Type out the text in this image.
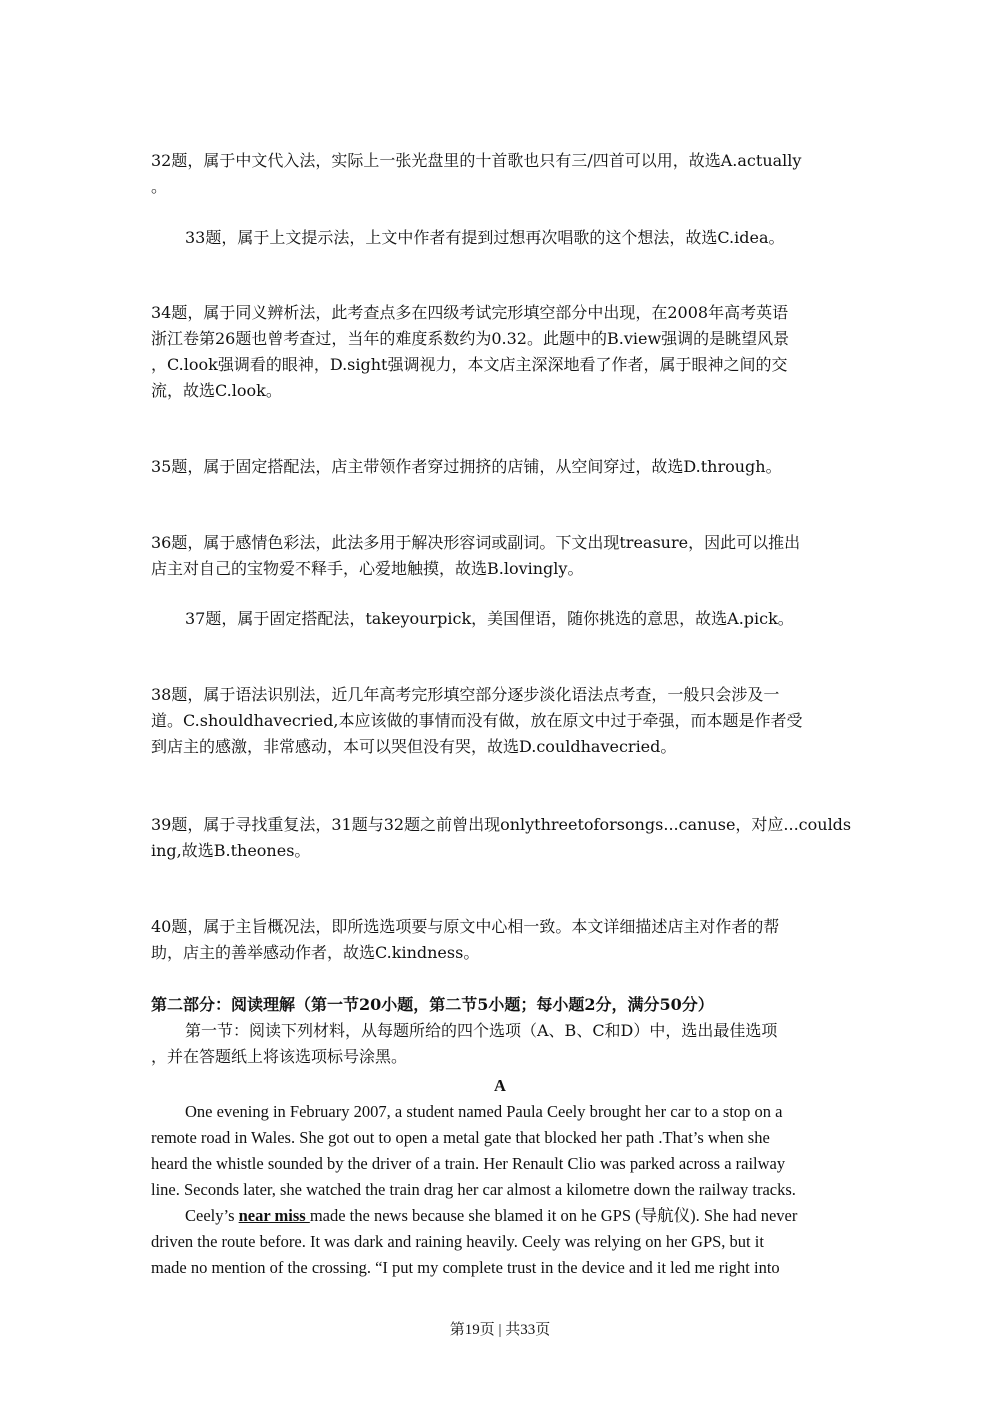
32题，属于中文代入法，实际上一张光盘里的十首歌也只有三/四首可以用，故选A.actually
。
33题，属于上文提示法，上文中作者有提到过想再次唱歌的这个想法，故选C.idea。
34题，属于同义辨析法，此考查点多在四级考试完形填空部分中出现，在2008年高考英语
浙江卷第26题也曾考查过，当年的难度系数约为0.32。此题中的B.view强调的是眺望风景
，C.look强调看的眼神，D.sight强调视力，本文店主深深地看了作者，属于眼神之间的交
流，故选C.look。
35题，属于固定搭配法，店主带领作者穿过拥挤的店铺，从空间穿过，故选D.through。
36题，属于感情色彩法，此法多用于解决形容词或副词。下文出现treasure，因此可以推出
店主对自己的宝物爱不释手，心爱地触摸，故选B.lovingly。
37题，属于固定搭配法，takeyourpick，美国俚语，随你挑选的意思，故选A.pick。
38题，属于语法识别法，近几年高考完形填空部分逐步淡化语法点考查，一般只会涉及一
道。C.shouldhavecried,本应该做的事情而没有做，放在原文中过于牵强，而本题是作者受
到店主的感激，非常感动，本可以哭但没有哭，故选D.couldhavecried。
39题，属于寻找重复法，31题与32题之前曾出现onlythreetoforsongs...canuse，对应...coulds
ing,故选B.theones。
40题，属于主旨概况法，即所选选项要与原文中心相一致。本文详细描述店主对作者的帮
助，店主的善举感动作者，故选C.kindness。
第二部分：阅读理解（第一节20小题，第二节5小题；每小题2分，满分50分）
第一节：阅读下列材料，从每题所给的四个选项（A、B、C和D）中，选出最佳选项
，并在答题纸上将该选项标号涂黑。
A
One evening in February 2007, a student named Paula Ceely brought her car to a stop on a
remote road in Wales. She got out to open a metal gate that blocked her path .That’s when she
heard the whistle sounded by the driver of a train. Her Renault Clio was parked across a railway
line. Seconds later, she watched the train drag her car almost a kilometre down the railway tracks.
Ceely’s near miss made the news because she blamed it on he GPS (导航仪). She had never
driven the route before. It was dark and raining heavily. Ceely was relying on her GPS, but it
made no mention of the crossing. “I put my complete trust in the device and it led me right into
第19页 | 共33页
